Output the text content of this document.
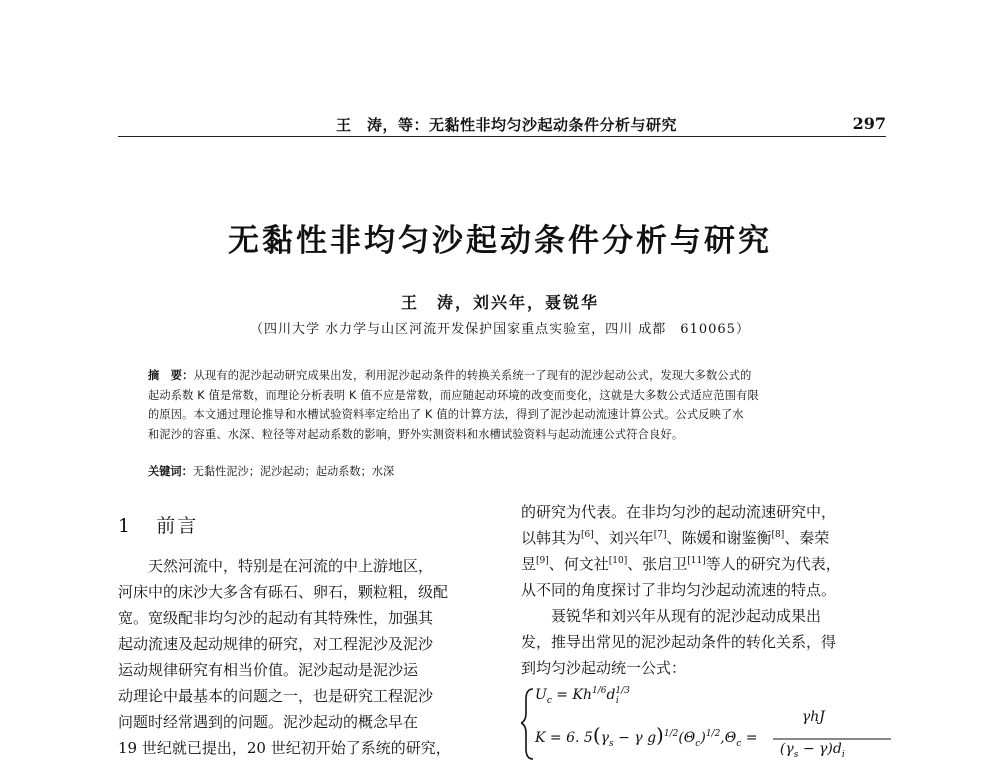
王　涛，等：无黏性非均匀沙起动条件分析与研究	297
无黏性非均匀沙起动条件分析与研究
王　涛，刘兴年，聂锐华
（四川大学 水力学与山区河流开发保护国家重点实验室，四川 成都　610065）
摘　要：从现有的泥沙起动研究成果出发，利用泥沙起动条件的转换关系统一了现有的泥沙起动公式，发现大多数公式的
起动系数 K 值是常数，而理论分析表明 K 值不应是常数，而应随起动环境的改变而变化，这就是大多数公式适应范围有限
的原因。本文通过理论推导和水槽试验资料率定给出了 K 值的计算方法，得到了泥沙起动流速计算公式。公式反映了水
和泥沙的容重、水深、粒径等对起动系数的影响，野外实测资料和水槽试验资料与起动流速公式符合良好。
关键词：无黏性泥沙；泥沙起动；起动系数；水深
1 前言
天然河流中，特别是在河流的中上游地区，
河床中的床沙大多含有砾石、卵石，颗粒粗，级配
宽。宽级配非均匀沙的起动有其特殊性，加强其
起动流速及起动规律的研究，对工程泥沙及泥沙
运动规律研究有相当价值。泥沙起动是泥沙运
动理论中最基本的问题之一，也是研究工程泥沙
问题时经常遇到的问题。泥沙起动的概念早在
19 世纪就已提出，20 世纪初开始了系统的研究，
的研究为代表。在非均匀沙的起动流速研究中，
以韩其为[6]、刘兴年[7]、陈媛和谢鉴衡[8]、秦荣
昱[9]、何文社[10]、张启卫[11]等人的研究为代表，
从不同的角度探讨了非均匀沙起动流速的特点。
聂锐华和刘兴年从现有的泥沙起动成果出
发，推导出常见的泥沙起动条件的转化关系，得
到均匀沙起动统一公式：
$U_c = Kh^{1/6}d^{1/3}_i$
K = 6. $5(\gamma_s - \gamma$ $g)^{1/2}(\Theta_c)^{1/2},\Theta_c$ =
γhJ
$(\gamma_s - \gamma)d_i$
